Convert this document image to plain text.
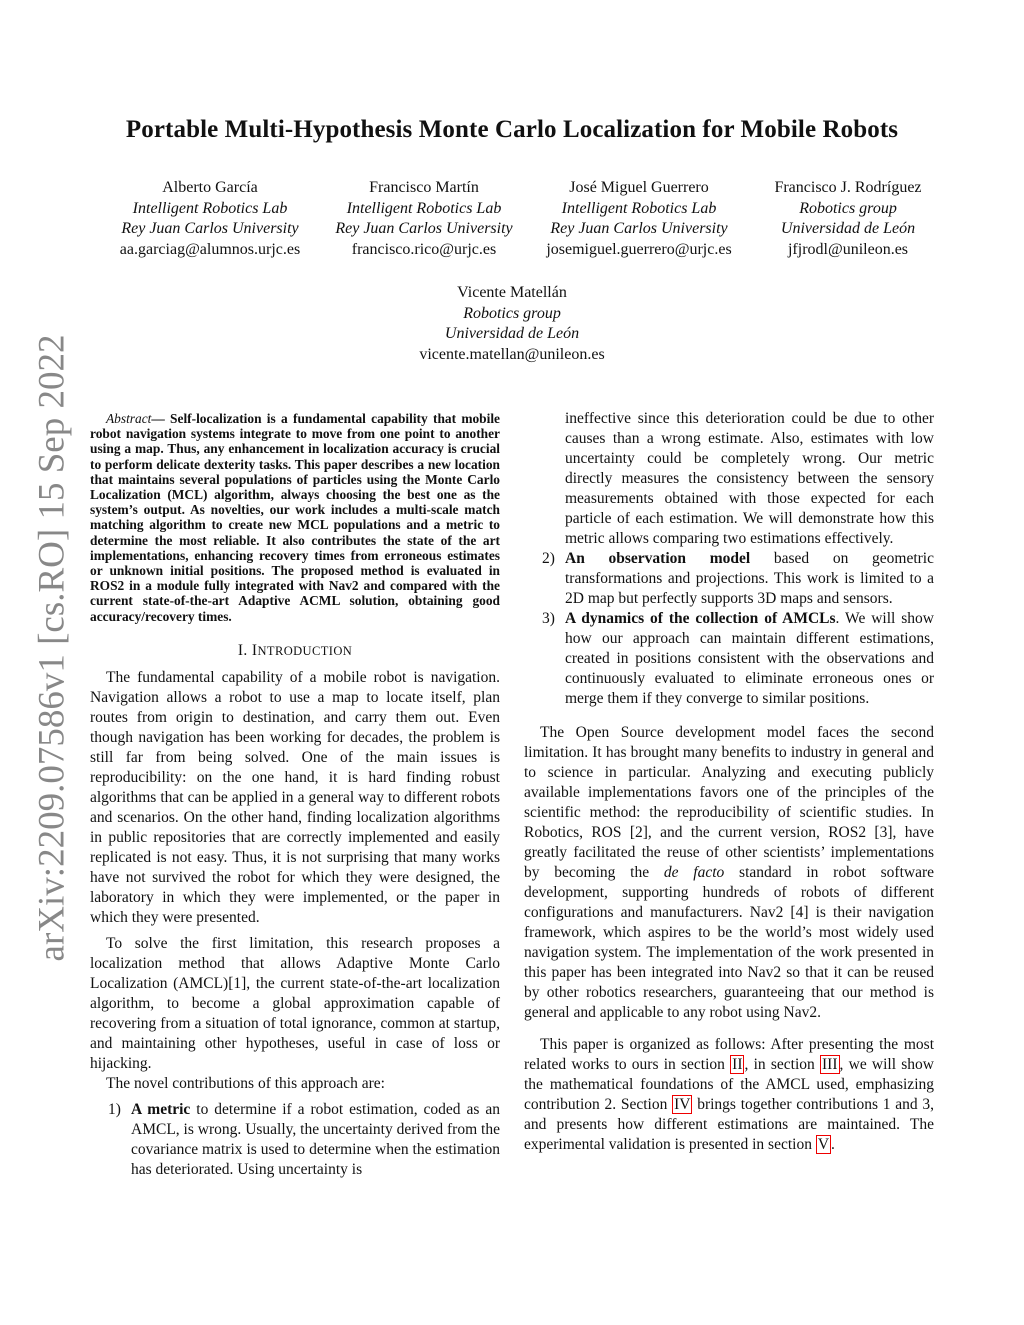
arXiv:2209.07586v1 [cs.RO] 15 Sep 2022
Portable Multi-Hypothesis Monte Carlo Localization for Mobile Robots
Alberto García
Intelligent Robotics Lab
Rey Juan Carlos University
aa.garciag@alumnos.urjc.es
Francisco Martín
Intelligent Robotics Lab
Rey Juan Carlos University
francisco.rico@urjc.es
José Miguel Guerrero
Intelligent Robotics Lab
Rey Juan Carlos University
josemiguel.guerrero@urjc.es
Francisco J. Rodríguez
Robotics group
Universidad de León
jfjrodl@unileon.es
Vicente Matellán
Robotics group
Universidad de León
vicente.matellan@unileon.es

Abstract— Self-localization is a fundamental capability that mobile robot navigation systems integrate to move from one point to another using a map. Thus, any enhancement in localization accuracy is crucial to perform delicate dexterity tasks. This paper describes a new location that maintains several populations of particles using the Monte Carlo Localization (MCL) algorithm, always choosing the best one as the system’s output. As novelties, our work includes a multi-scale match matching algorithm to create new MCL populations and a metric to determine the most reliable. It also contributes the state of the art implementations, enhancing recovery times from erroneous estimates or unknown initial positions. The proposed method is evaluated in ROS2 in a module fully integrated with Nav2 and compared with the current state-of-the-art Adaptive ACML solution, obtaining good accuracy/recovery times.

I. INTRODUCTION

The fundamental capability of a mobile robot is navigation. Navigation allows a robot to use a map to locate itself, plan routes from origin to destination, and carry them out. Even though navigation has been working for decades, the problem is still far from being solved. One of the main issues is reproducibility: on the one hand, it is hard finding robust algorithms that can be applied in a general way to different robots and scenarios. On the other hand, finding localization algorithms in public repositories that are correctly implemented and easily replicated is not easy. Thus, it is not surprising that many works have not survived the robot for which they were designed, the laboratory in which they were implemented, or the paper in which they were presented.

To solve the first limitation, this research proposes a localization method that allows Adaptive Monte Carlo Localization (AMCL)[1], the current state-of-the-art localization algorithm, to become a global approximation capable of recovering from a situation of total ignorance, common at startup, and maintaining other hypotheses, useful in case of loss or hijacking.

The novel contributions of this approach are:

1) A metric to determine if a robot estimation, coded as an AMCL, is wrong. Usually, the uncertainty derived from the covariance matrix is used to determine when the estimation has deteriorated. Using uncertainty is
ineffective since this deterioration could be due to other causes than a wrong estimate. Also, estimates with low uncertainty could be completely wrong. Our metric directly measures the consistency between the sensory measurements obtained with those expected for each particle of each estimation. We will demonstrate how this metric allows comparing two estimations effectively.
2) An observation model based on geometric transformations and projections. This work is limited to a 2D map but perfectly supports 3D maps and sensors.
3) A dynamics of the collection of AMCLs. We will show how our approach can maintain different estimations, created in positions consistent with the observations and continuously evaluated to eliminate erroneous ones or merge them if they converge to similar positions.

The Open Source development model faces the second limitation. It has brought many benefits to industry in general and to science in particular. Analyzing and executing publicly available implementations favors one of the principles of the scientific method: the reproducibility of scientific studies. In Robotics, ROS [2], and the current version, ROS2 [3], have greatly facilitated the reuse of other scientists’ implementations by becoming the de facto standard in robot software development, supporting hundreds of robots of different configurations and manufacturers. Nav2 [4] is their navigation framework, which aspires to be the world’s most widely used navigation system. The implementation of the work presented in this paper has been integrated into Nav2 so that it can be reused by other robotics researchers, guaranteeing that our method is general and applicable to any robot using Nav2.

This paper is organized as follows: After presenting the most related works to ours in section II , in section III , we will show the mathematical foundations of the AMCL used, emphasizing contribution 2. Section IV brings together contributions 1 and 3, and presents how different estimations are maintained. The experimental validation is presented in section V .
